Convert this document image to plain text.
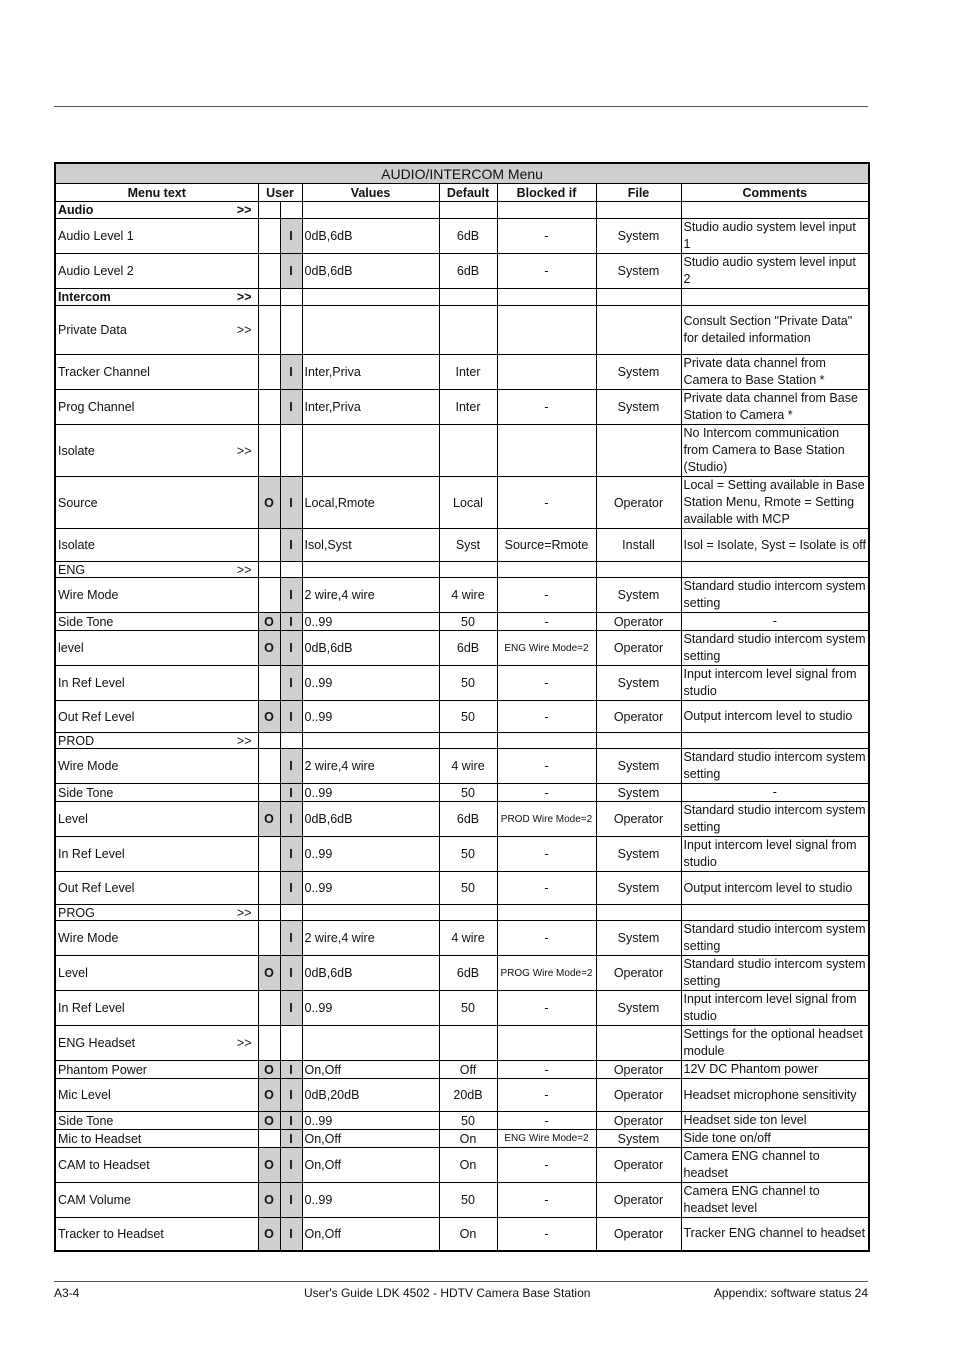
AUDIO/INTERCOM Menu							
Menu text	User		Values	Default	Blocked if	File	Comments

Audio >>							

Audio Level 1		I	0dB,6dB	6dB	-	System	Studio audio system level input 1

Audio Level 2		I	0dB,6dB	6dB	-	System	Studio audio system level input 2

Intercom >>							

Private Data >>							Consult Section "Private Data" for detailed information

Tracker Channel		I	Inter,Priva	Inter		System	Private data channel from Camera to Base Station *

Prog Channel		I	Inter,Priva	Inter	-	System	Private data channel from Base Station to Camera *

Isolate >>							No Intercom communication from Camera to Base Station (Studio)

Source	O	I	Local,Rmote	Local	-	Operator	Local = Setting available in Base Station Menu, Rmote = Setting available with MCP

Isolate		I	Isol,Syst	Syst	Source=Rmote	Install	Isol = Isolate, Syst = Isolate is off

ENG >>							

Wire Mode		I	2 wire,4 wire	4 wire	-	System	Standard studio intercom system setting

Side Tone	O	I	0..99	50	-	Operator	-

level	O	I	0dB,6dB	6dB	ENG Wire Mode=2	Operator	Standard studio intercom system setting

In Ref Level		I	0..99	50	-	System	Input intercom level signal from studio

Out Ref Level	O	I	0..99	50	-	Operator	Output intercom level to studio

PROD >>							

Wire Mode		I	2 wire,4 wire	4 wire	-	System	Standard studio intercom system setting

Side Tone		I	0..99	50	-	System	-

Level	O	I	0dB,6dB	6dB	PROD Wire Mode=2	Operator	Standard studio intercom system setting

In Ref Level		I	0..99	50	-	System	Input intercom level signal from studio

Out Ref Level		I	0..99	50	-	System	Output intercom level to studio

PROG >>							

Wire Mode		I	2 wire,4 wire	4 wire	-	System	Standard studio intercom system setting

Level	O	I	0dB,6dB	6dB	PROG Wire Mode=2	Operator	Standard studio intercom system setting

In Ref Level		I	0..99	50	-	System	Input intercom level signal from studio

ENG Headset >>							Settings for the optional headset module

Phantom Power	O	I	On,Off	Off	-	Operator	12V DC Phantom power

Mic Level	O	I	0dB,20dB	20dB	-	Operator	Headset microphone sensitivity

Side Tone	O	I	0..99	50	-	Operator	Headset side ton level

Mic to Headset		I	On,Off	On	ENG Wire Mode=2	System	Side tone on/off

CAM to Headset	O	I	On,Off	On	-	Operator	Camera ENG channel to headset

CAM Volume	O	I	0..99	50	-	Operator	Camera ENG channel to headset level

Tracker to Headset	O	I	On,Off	On	-	Operator	Tracker ENG channel to headset
A3-4	User's Guide LDK 4502 - HDTV Camera Base Station	Appendix: software status 24
